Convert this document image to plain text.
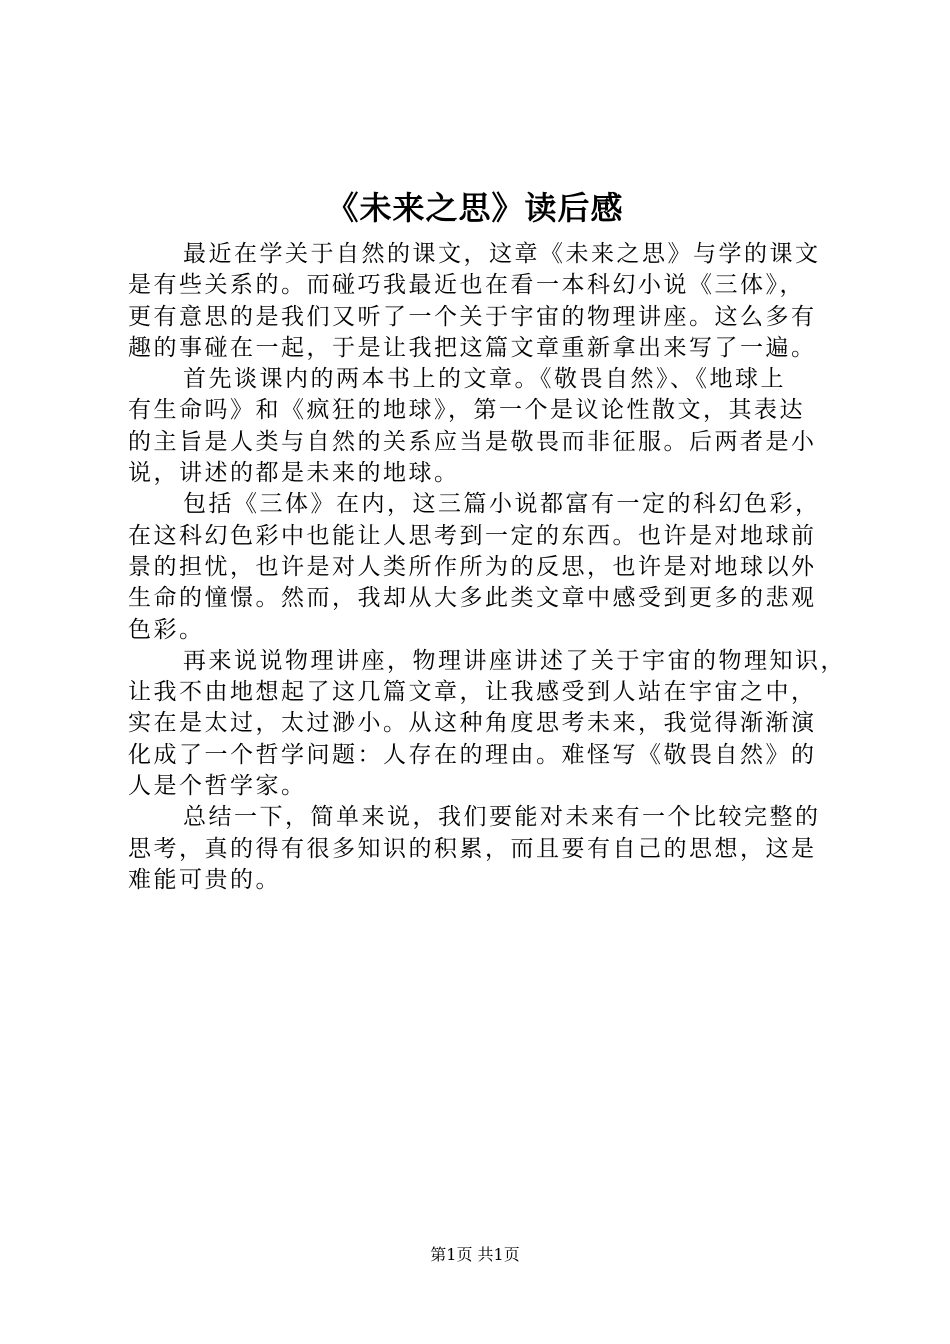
《未来之思》读后感
最近在学关于自然的课文，这章《未来之思》与学的课文
是有些关系的。而碰巧我最近也在看一本科幻小说《三体》，
更有意思的是我们又听了一个关于宇宙的物理讲座。这么多有
趣的事碰在一起，于是让我把这篇文章重新拿出来写了一遍。
首先谈课内的两本书上的文章。《敬畏自然》、《地球上
有生命吗》和《疯狂的地球》，第一个是议论性散文，其表达
的主旨是人类与自然的关系应当是敬畏而非征服。后两者是小
说，讲述的都是未来的地球。
包括《三体》在内，这三篇小说都富有一定的科幻色彩，
在这科幻色彩中也能让人思考到一定的东西。也许是对地球前
景的担忧，也许是对人类所作所为的反思，也许是对地球以外
生命的憧憬。然而，我却从大多此类文章中感受到更多的悲观
色彩。
再来说说物理讲座，物理讲座讲述了关于宇宙的物理知识，
让我不由地想起了这几篇文章，让我感受到人站在宇宙之中，
实在是太过，太过渺小。从这种角度思考未来，我觉得渐渐演
化成了一个哲学问题：人存在的理由。难怪写《敬畏自然》的
人是个哲学家。
总结一下，简单来说，我们要能对未来有一个比较完整的
思考，真的得有很多知识的积累，而且要有自己的思想，这是
难能可贵的。
第1页 共1页
